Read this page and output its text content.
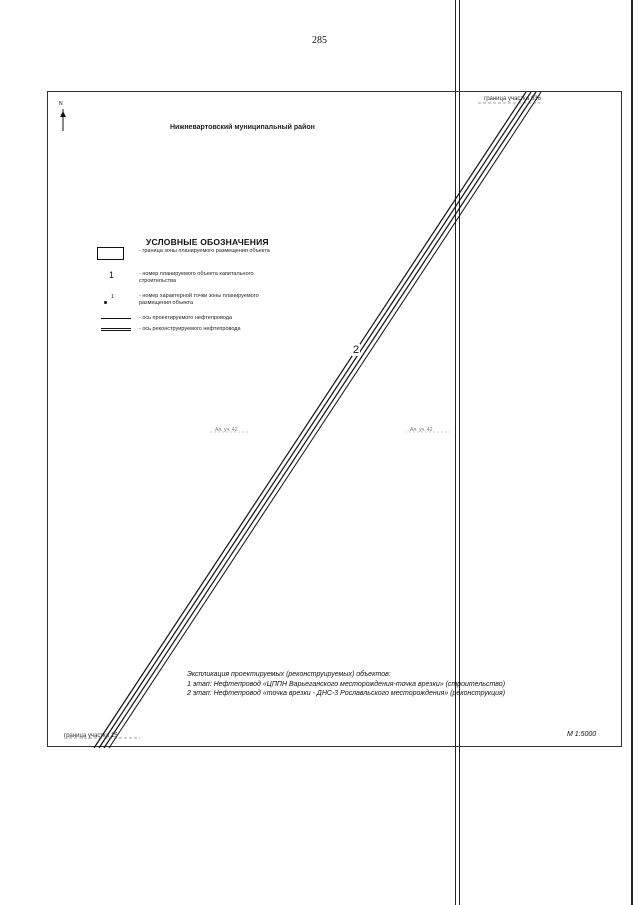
285
N
Нижневартовский муниципальный район
граница участка 636
граница участка 15
Ал. уч. 42	Ал. уч. 42
2
УСЛОВНЫЕ ОБОЗНАЧЕНИЯ
- граница зоны планируемого размещения объекта
1	- номер планируемого объекта капитального строительства
1	- номер характерной точки зоны планируемого размещения объекта
- ось проектируемого нефтепровода
- ось реконструируемого нефтепровода
Экспликация проектируемых (реконструируемых) объектов:
1 этап: Нефтепровод «ЦППН Ваpьеганского месторождения-точка врезки» (строительство)
2 этап: Нефтепровод «точка врезки - ДНС-3 Рославльского месторождения» (реконструкция)
М 1:5000
